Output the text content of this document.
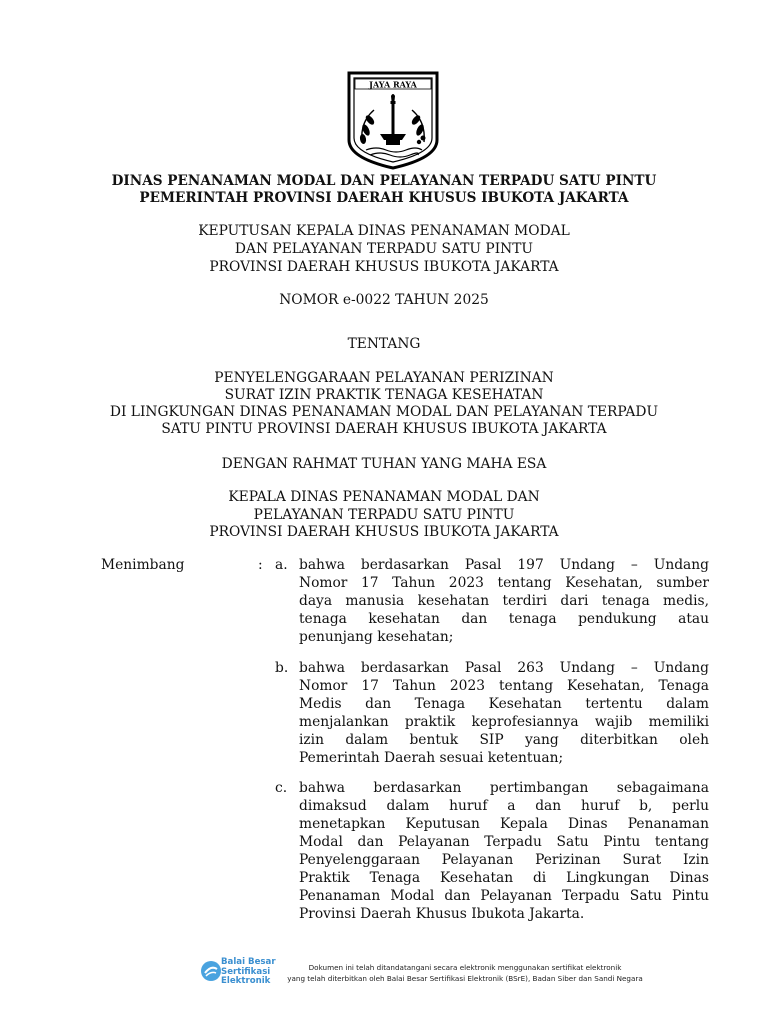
JAYA RAYA
DINAS PENANAMAN MODAL DAN PELAYANAN TERPADU SATU PINTU
PEMERINTAH PROVINSI DAERAH KHUSUS IBUKOTA JAKARTA
KEPUTUSAN KEPALA DINAS PENANAMAN MODAL
DAN PELAYANAN TERPADU SATU PINTU
PROVINSI DAERAH KHUSUS IBUKOTA JAKARTA
NOMOR e-0022 TAHUN 2025
TENTANG
PENYELENGGARAAN PELAYANAN PERIZINAN
SURAT IZIN PRAKTIK TENAGA KESEHATAN
DI LINGKUNGAN DINAS PENANAMAN MODAL DAN PELAYANAN TERPADU
SATU PINTU PROVINSI DAERAH KHUSUS IBUKOTA JAKARTA
DENGAN RAHMAT TUHAN YANG MAHA ESA
KEPALA DINAS PENANAMAN MODAL DAN
PELAYANAN TERPADU SATU PINTU
PROVINSI DAERAH KHUSUS IBUKOTA JAKARTA
Menimbang	: a. bahwa berdasarkan Pasal 197 Undang – Undang
Nomor 17 Tahun 2023 tentang Kesehatan, sumber
daya manusia kesehatan terdiri dari tenaga medis,
tenaga kesehatan dan tenaga pendukung atau
penunjang kesehatan;
b. bahwa berdasarkan Pasal 263 Undang – Undang
Nomor 17 Tahun 2023 tentang Kesehatan, Tenaga
Medis dan Tenaga Kesehatan tertentu dalam
menjalankan praktik keprofesiannya wajib memiliki
izin dalam bentuk SIP yang diterbitkan oleh
Pemerintah Daerah sesuai ketentuan;
c. bahwa berdasarkan pertimbangan sebagaimana
dimaksud dalam huruf a dan huruf b, perlu
menetapkan Keputusan Kepala Dinas Penanaman
Modal dan Pelayanan Terpadu Satu Pintu tentang
Penyelenggaraan Pelayanan Perizinan Surat Izin
Praktik Tenaga Kesehatan di Lingkungan Dinas
Penanaman Modal dan Pelayanan Terpadu Satu Pintu
Provinsi Daerah Khusus Ibukota Jakarta.
Balai Besar
Sertifikasi
Elektronik
Dokumen ini telah ditandatangani secara elektronik menggunakan sertifikat elektronik
yang telah diterbitkan oleh Balai Besar Sertifikasi Elektronik (BSrE), Badan Siber dan Sandi Negara
